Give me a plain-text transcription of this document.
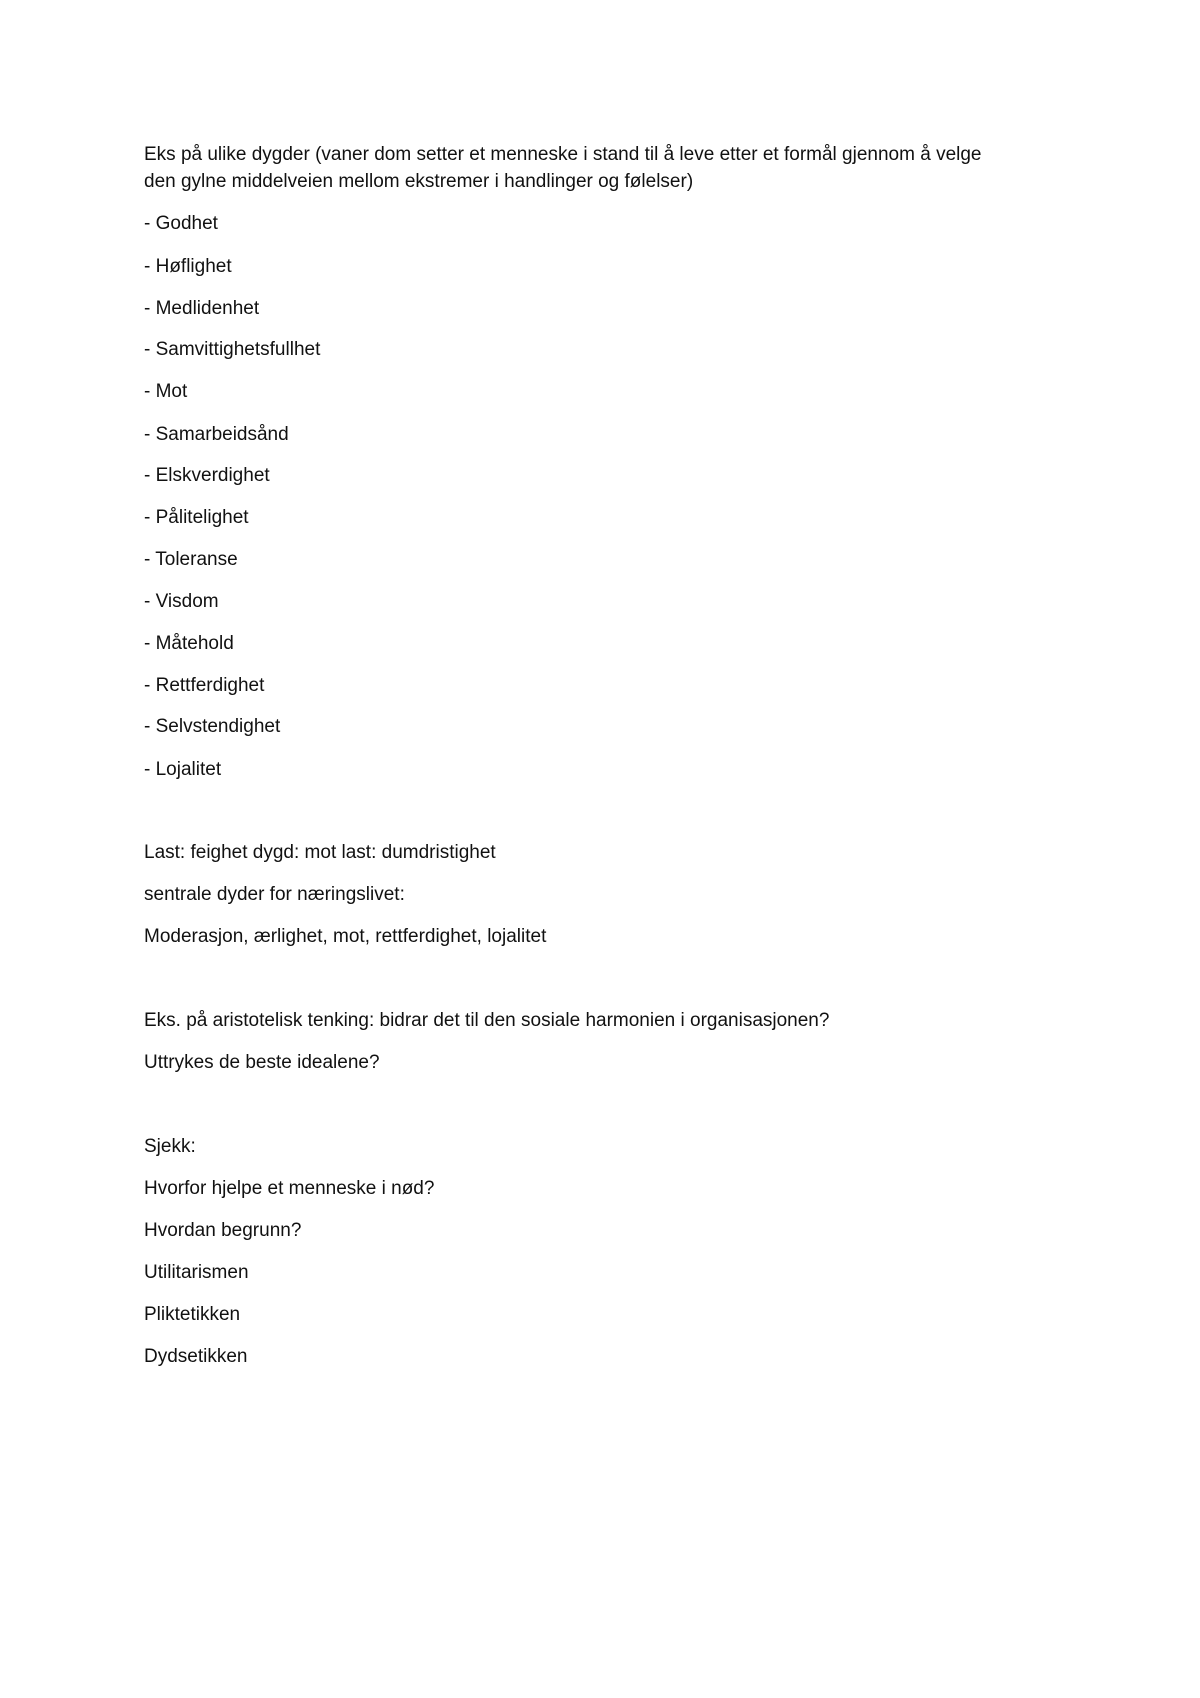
Eks på ulike dygder (vaner dom setter et menneske i stand til å leve etter et formål gjennom å velge
den gylne middelveien mellom ekstremer i handlinger og følelser)
- Godhet
- Høflighet
- Medlidenhet
- Samvittighetsfullhet
- Mot
- Samarbeidsånd
- Elskverdighet
- Pålitelighet
- Toleranse
- Visdom
- Måtehold
- Rettferdighet
- Selvstendighet
- Lojalitet
Last: feighet dygd: mot last: dumdristighet
sentrale dyder for næringslivet:
Moderasjon, ærlighet, mot, rettferdighet, lojalitet
Eks. på aristotelisk tenking: bidrar det til den sosiale harmonien i organisasjonen?
Uttrykes de beste idealene?
Sjekk:
Hvorfor hjelpe et menneske i nød?
Hvordan begrunn?
Utilitarismen
Pliktetikken
Dydsetikken
